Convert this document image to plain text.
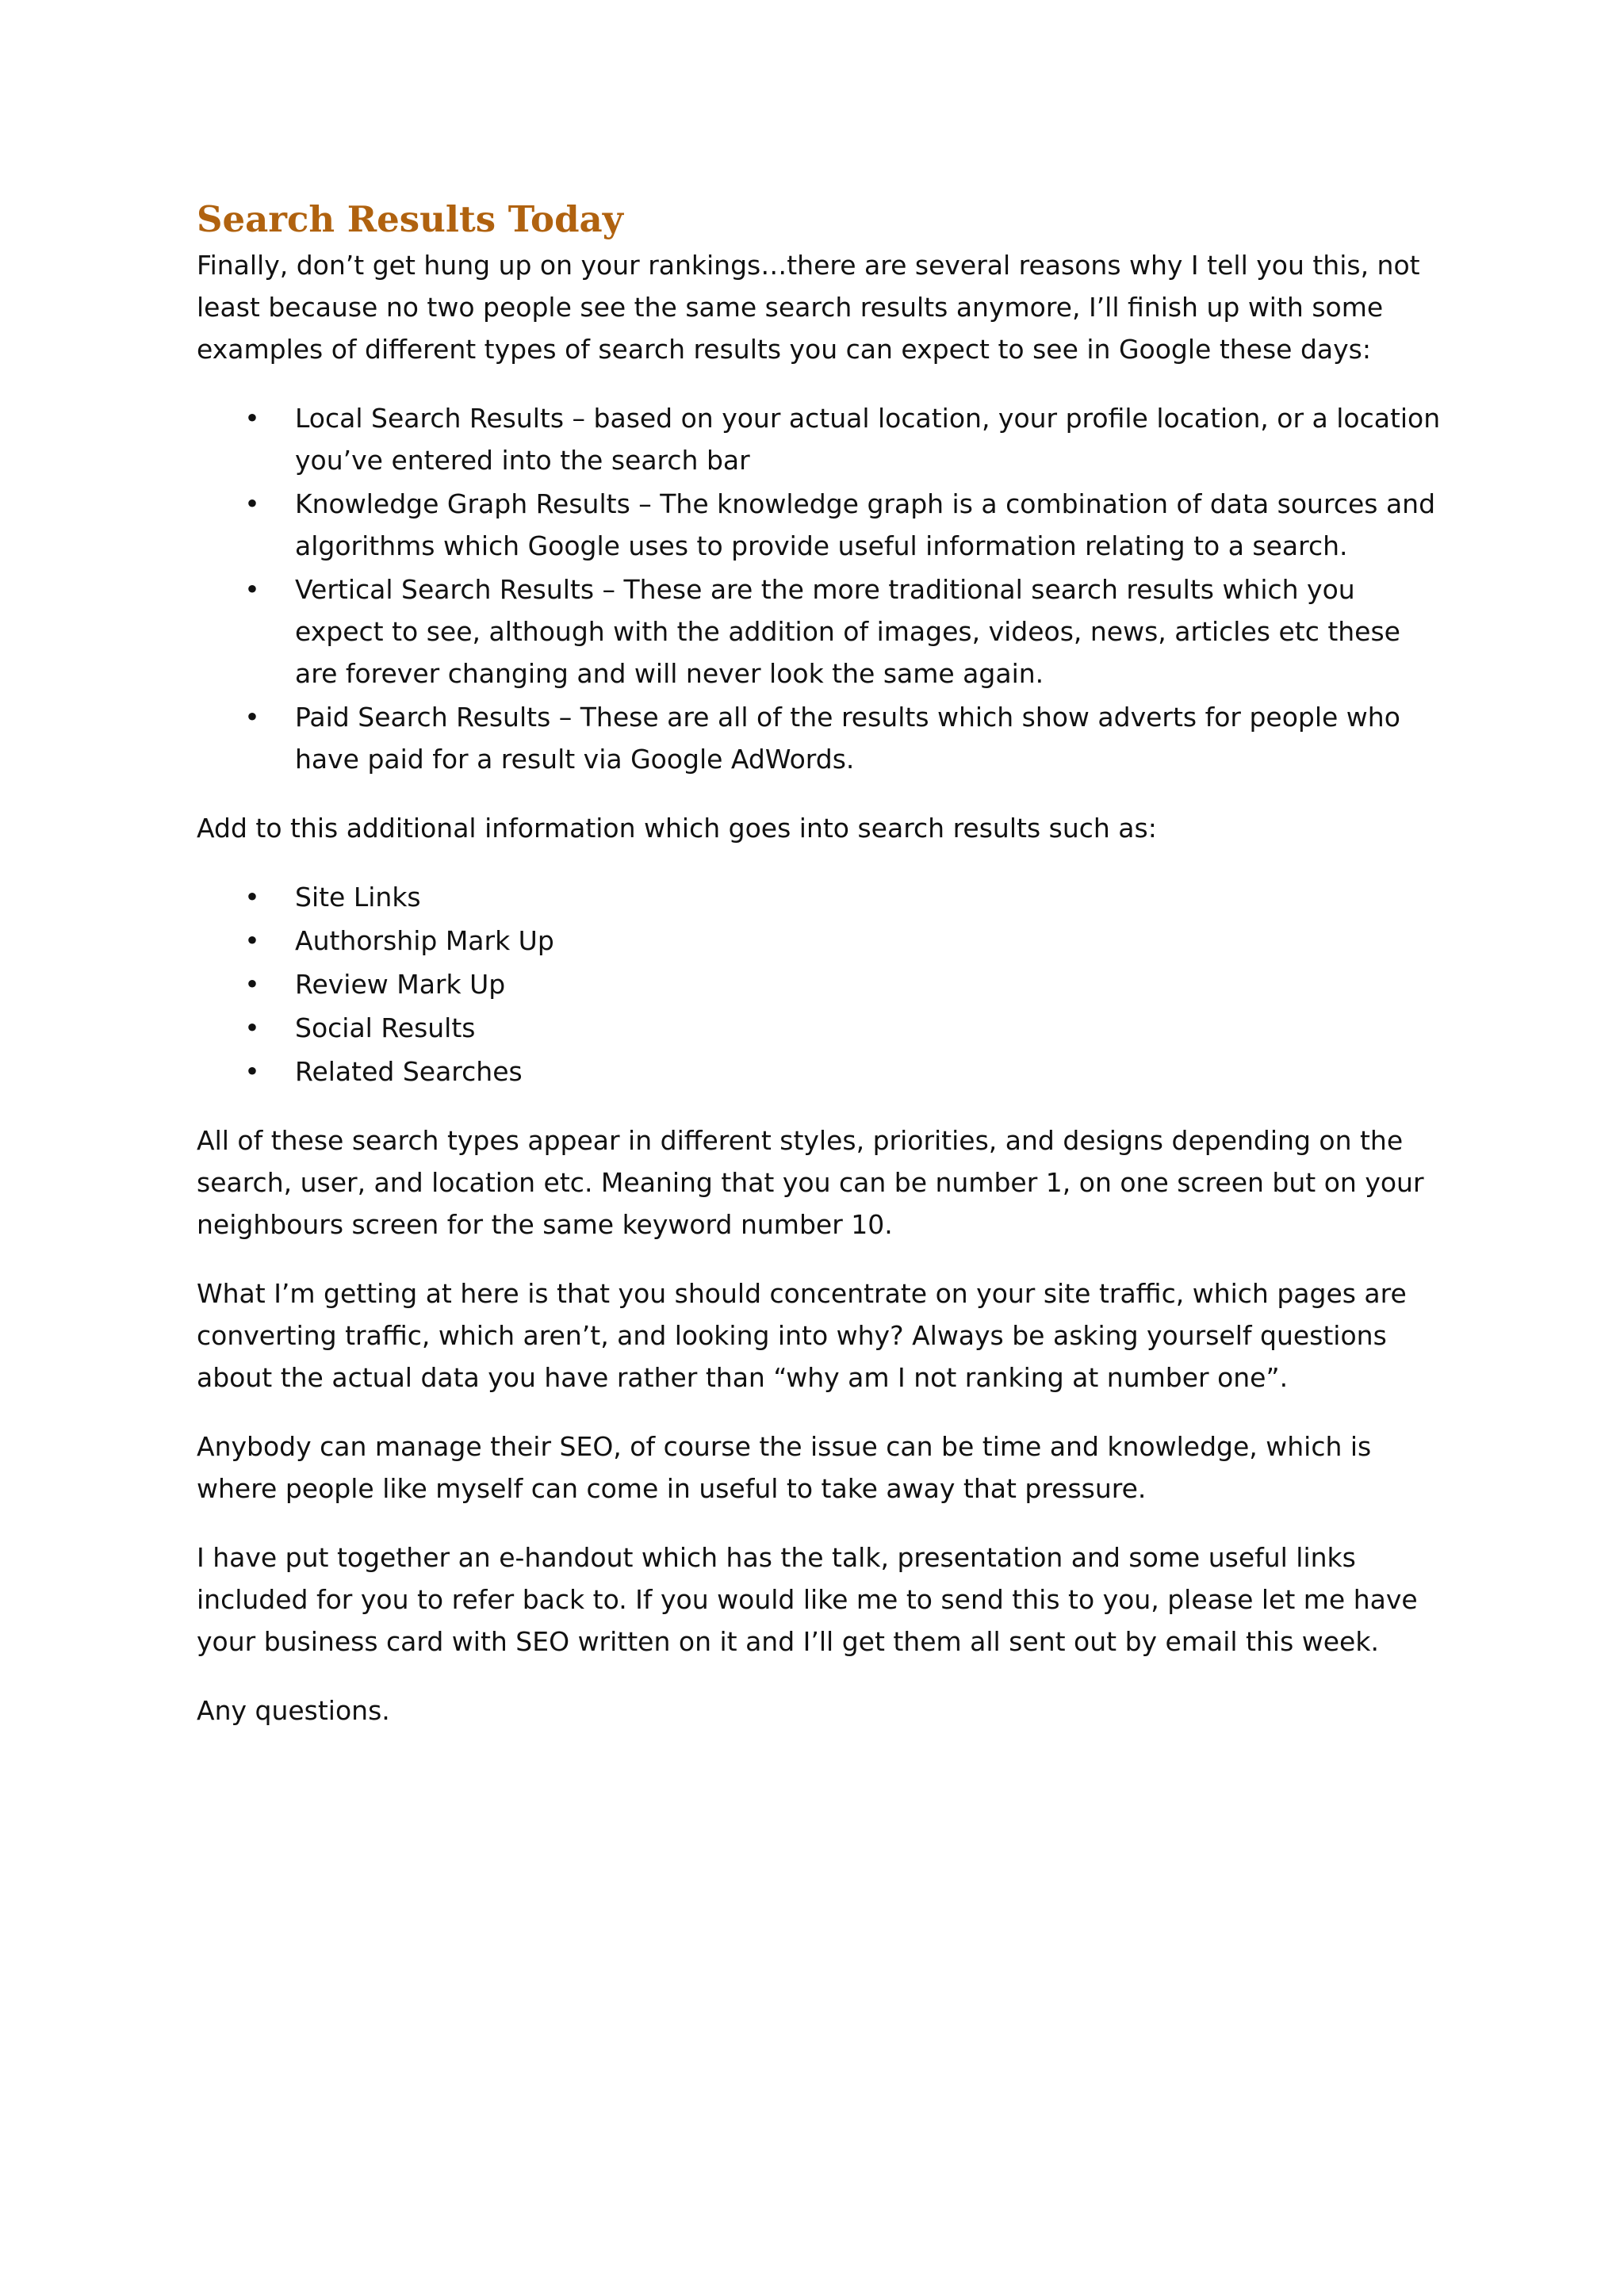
Search Results Today

Finally, don’t get hung up on your rankings…there are several reasons why I tell you this, not least because no two people see the same search results anymore, I’ll finish up with some examples of different types of search results you can expect to see in Google these days:

• Local Search Results – based on your actual location, your profile location, or a location you’ve entered into the search bar
• Knowledge Graph Results – The knowledge graph is a combination of data sources and algorithms which Google uses to provide useful information relating to a search.
• Vertical Search Results – These are the more traditional search results which you expect to see, although with the addition of images, videos, news, articles etc these are forever changing and will never look the same again.
• Paid Search Results – These are all of the results which show adverts for people who have paid for a result via Google AdWords.

Add to this additional information which goes into search results such as:

• Site Links
• Authorship Mark Up
• Review Mark Up
• Social Results
• Related Searches

All of these search types appear in different styles, priorities, and designs depending on the search, user, and location etc. Meaning that you can be number 1, on one screen but on your neighbours screen for the same keyword number 10.

What I’m getting at here is that you should concentrate on your site traffic, which pages are converting traffic, which aren’t, and looking into why? Always be asking yourself questions about the actual data you have rather than “why am I not ranking at number one”.

Anybody can manage their SEO, of course the issue can be time and knowledge, which is where people like myself can come in useful to take away that pressure.

I have put together an e-handout which has the talk, presentation and some useful links included for you to refer back to. If you would like me to send this to you, please let me have your business card with SEO written on it and I’ll get them all sent out by email this week.

Any questions.
